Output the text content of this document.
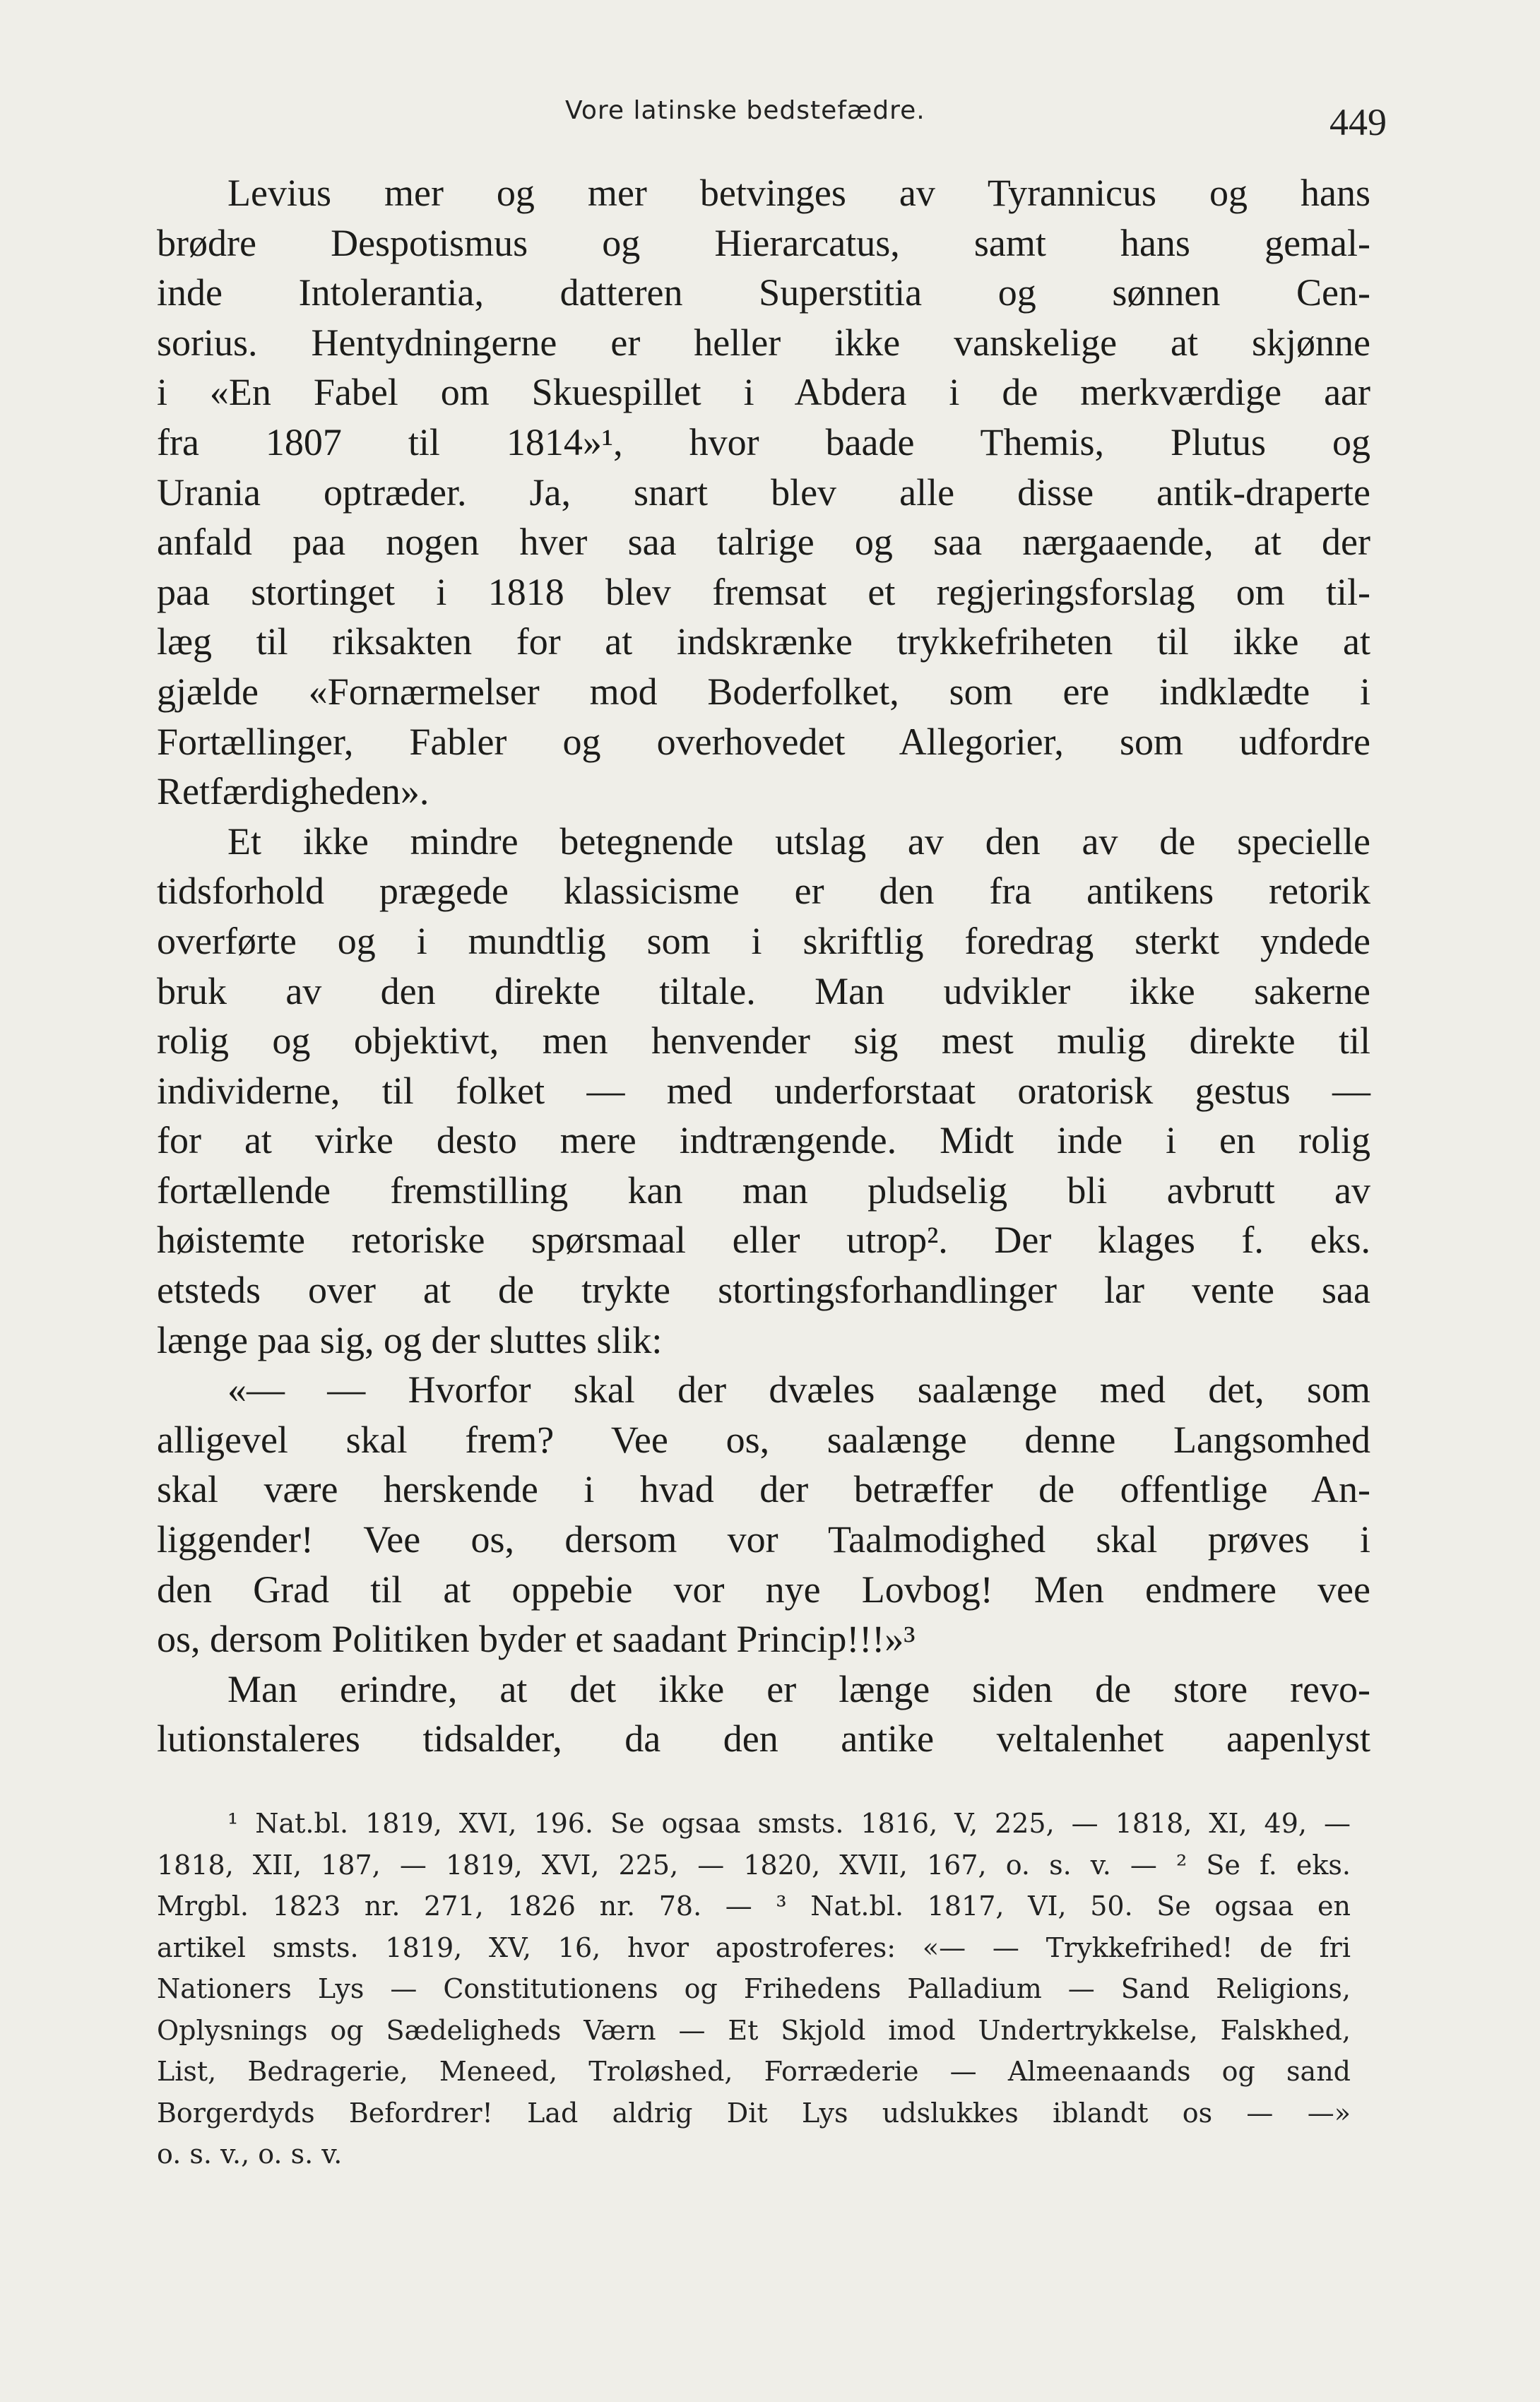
Vore latinske bedstefædre.	449
Levius mer og mer betvinges av Tyrannicus og hans
brødre Despotismus og Hierarcatus, samt hans gemal-
inde Intolerantia, datteren Superstitia og sønnen Cen-
sorius. Hentydningerne er heller ikke vanskelige at skjønne
i «En Fabel om Skuespillet i Abdera i de merkværdige aar
fra 1807 til 1814»¹, hvor baade Themis, Plutus og
Urania optræder. Ja, snart blev alle disse antik-draperte
anfald paa nogen hver saa talrige og saa nærgaaende, at der
paa stortinget i 1818 blev fremsat et regjeringsforslag om til-
læg til riksakten for at indskrænke trykkefriheten til ikke at
gjælde «Fornærmelser mod Boderfolket, som ere indklædte i
Fortællinger, Fabler og overhovedet Allegorier, som udfordre
Retfærdigheden».
Et ikke mindre betegnende utslag av den av de specielle
tidsforhold prægede klassicisme er den fra antikens retorik
overførte og i mundtlig som i skriftlig foredrag sterkt yndede
bruk av den direkte tiltale. Man udvikler ikke sakerne
rolig og objektivt, men henvender sig mest mulig direkte til
individerne, til folket — med underforstaat oratorisk gestus —
for at virke desto mere indtrængende. Midt inde i en rolig
fortællende fremstilling kan man pludselig bli avbrutt av
høistemte retoriske spørsmaal eller utrop². Der klages f. eks.
etsteds over at de trykte stortingsforhandlinger lar vente saa
længe paa sig, og der sluttes slik:
«— — Hvorfor skal der dvæles saalænge med det, som
alligevel skal frem? Vee os, saalænge denne Langsomhed
skal være herskende i hvad der betræffer de offentlige An-
liggender! Vee os, dersom vor Taalmodighed skal prøves i
den Grad til at oppebie vor nye Lovbog! Men endmere vee
os, dersom Politiken byder et saadant Princip!!!»³
Man erindre, at det ikke er længe siden de store revo-
lutionstaleres tidsalder, da den antike veltalenhet aapenlyst
¹ Nat.bl. 1819, XVI, 196. Se ogsaa smsts. 1816, V, 225, — 1818, XI, 49, —
1818, XII, 187, — 1819, XVI, 225, — 1820, XVII, 167, o. s. v. — ² Se f. eks.
Mrgbl. 1823 nr. 271, 1826 nr. 78. — ³ Nat.bl. 1817, VI, 50. Se ogsaa en
artikel smsts. 1819, XV, 16, hvor apostroferes: «— — Trykkefrihed! de fri
Nationers Lys — Constitutionens og Frihedens Palladium — Sand Religions,
Oplysnings og Sædeligheds Værn — Et Skjold imod Undertrykkelse, Falskhed,
List, Bedragerie, Meneed, Troløshed, Forræderie — Almeenaands og sand
Borgerdyds Befordrer! Lad aldrig Dit Lys udslukkes iblandt os — —»
o. s. v., o. s. v.
